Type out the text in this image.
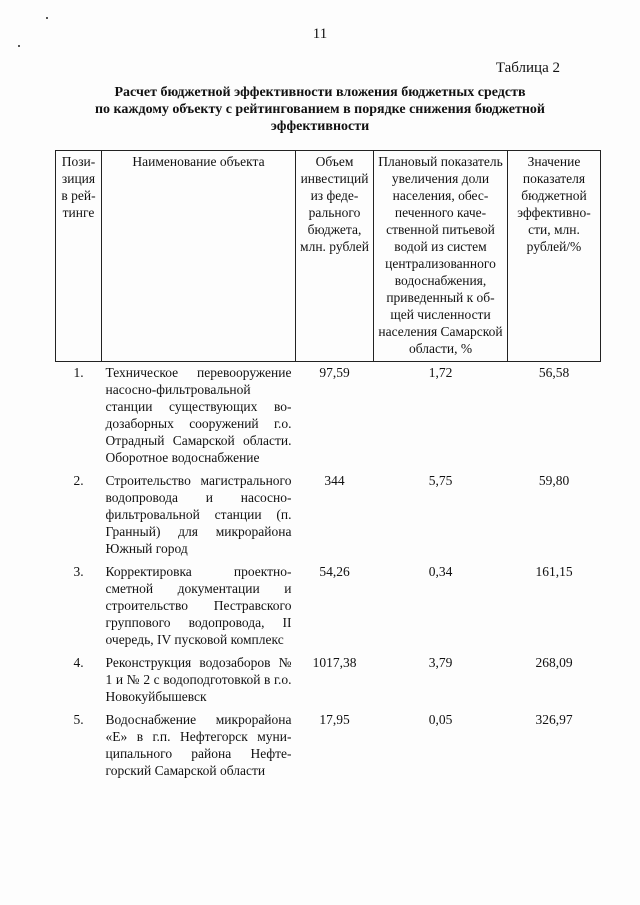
11
Таблица 2
Расчет бюджетной эффективности вложения бюджетных средств
по каждому объекту с рейтингованием в порядке снижения бюджетной
эффективности
Позизиция в рейтинге	Наименование объекта	Объем инвестиций из федерального бюджета, млн. рублей	Плановый показатель увеличения доли населения, обеспеченного качественной питьевой водой из систем централизованного водоснабжения, приведенный к общей численности населения Самарской области, %	Значение показателя бюджетной эффективности, млн. рублей/%
1.	Техническое перевооружение насосно-фильтровальной станции существующих водозаборных сооружений г.о. Отрадный Самарской области. Оборотное водоснабжение	97,59	1,72	56,58
2.	Строительство магистрального водопровода и насосно-фильтровальной станции (п. Гранный) для микрорайона Южный город	344	5,75	59,80
3.	Корректировка проектно-сметной документации и строительство Пестравского группового водопровода, II очередь, IV пусковой комплекс	54,26	0,34	161,15
4.	Реконструкция водозаборов № 1 и № 2 с водоподготовкой в г.о. Новокуйбышевск	1017,38	3,79	268,09
5.	Водоснабжение микрорайона «Е» в г.п. Нефтегорск муниципального района Нефтегорский Самарской области	17,95	0,05	326,97
